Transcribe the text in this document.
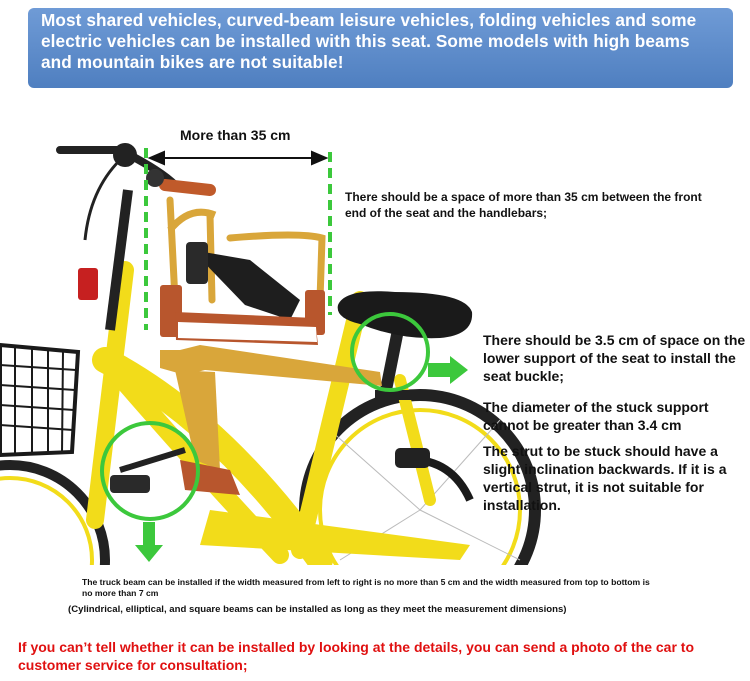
Most shared vehicles, curved-beam leisure vehicles, folding vehicles and some electric vehicles can be installed with this seat. Some models with high beams and mountain bikes are not suitable!
More than 35 cm
There should be a space of more than 35 cm between the front end of the seat and the handlebars;
There should be 3.5 cm of space on the lower support of the seat to install the seat buckle;
The diameter of the stuck support cannot be greater than 3.4 cm
The strut to be stuck should have a slight inclination backwards. If it is a vertical strut, it is not suitable for installation.
The truck beam can be installed if the width measured from left to right is no more than 5 cm and the width measured from top to bottom is no more than 7 cm
(Cylindrical, elliptical, and square beams can be installed as long as they meet the measurement dimensions)
If you can’t tell whether it can be installed by looking at the details, you can send a photo of the car to customer service for consultation;
